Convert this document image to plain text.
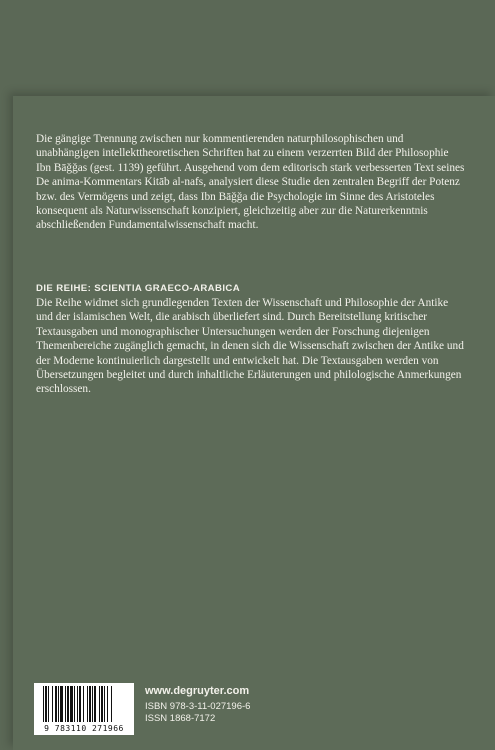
Die gängige Trennung zwischen nur kommentierenden naturphilosophischen und unabhängigen intellekttheoretischen Schriften hat zu einem verzerrten Bild der Philosophie Ibn Bāǧǧas (gest. 1139) geführt. Ausgehend vom dem editorisch stark verbesserten Text seines De anima-Kommentars Kitāb al-nafs, analysiert diese Studie den zentralen Begriff der Potenz bzw. des Vermögens und zeigt, dass Ibn Bāǧǧa die Psychologie im Sinne des Aristoteles konsequent als Naturwissenschaft konzipiert, gleichzeitig aber zur die Naturerkenntnis abschließenden Fundamentalwissenschaft macht.

DIE REIHE: SCIENTIA GRAECO-ARABICA

Die Reihe widmet sich grundlegenden Texten der Wissenschaft und Philosophie der Antike und der islamischen Welt, die arabisch überliefert sind. Durch Bereitstellung kritischer Textausgaben und monographischer Untersuchungen werden der Forschung diejenigen Themenbereiche zugänglich gemacht, in denen sich die Wissenschaft zwischen der Antike und der Moderne kontinuierlich dargestellt und entwickelt hat. Die Textausgaben werden von Übersetzungen begleitet und durch inhaltliche Erläuterungen und philologische Anmerkungen erschlossen.

9 783110 271966
www.degruyter.com
ISBN 978-3-11-027196-6
ISSN 1868-7172
